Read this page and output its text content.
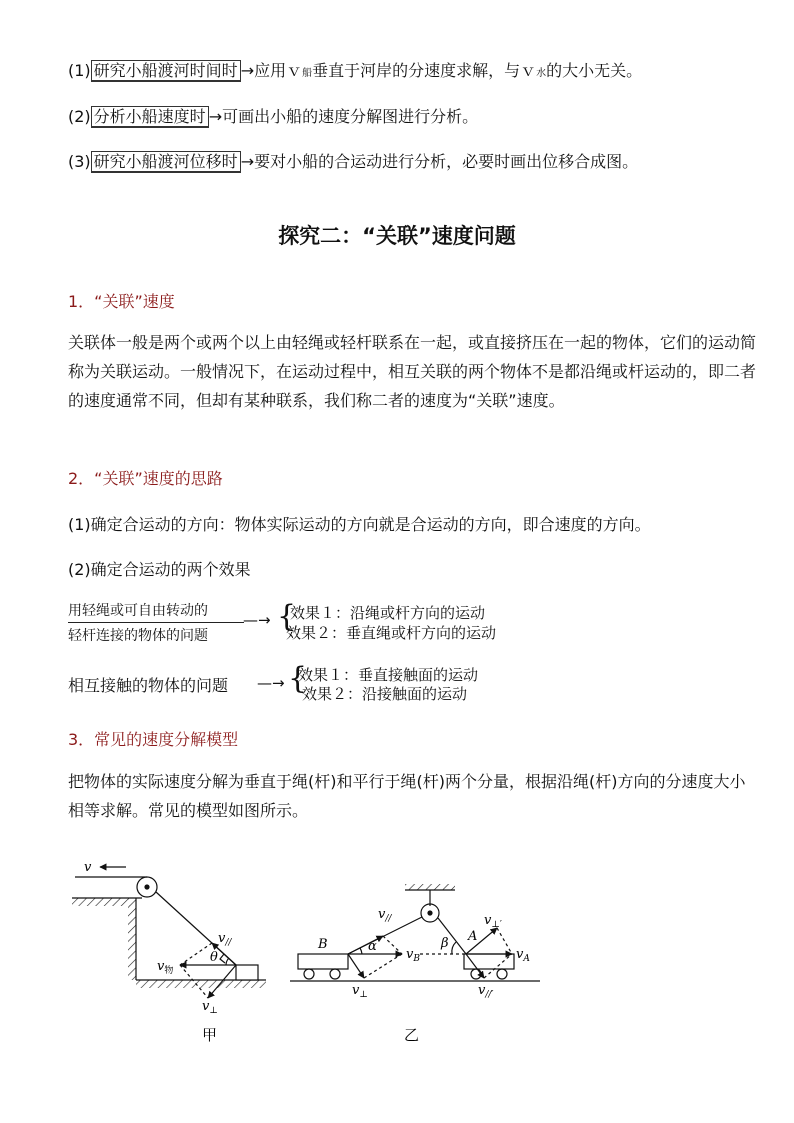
(1) 研究小船渡河时间时 →应用ｖ船垂直于河岸的分速度求解，与ｖ水的大小无关。
(2) 分析小船速度时 →可画出小船的速度分解图进行分析。
(3) 研究小船渡河位移时 →要对小船的合运动进行分析，必要时画出位移合成图。
探究二：“关联”速度问题
1．“关联”速度
关联体一般是两个或两个以上由轻绳或轻杆联系在一起，或直接挤压在一起的物体，它们的运动简称为关联运动。一般情况下，在运动过程中，相互关联的两个物体不是都沿绳或杆运动的，即二者的速度通常不同，但却有某种联系，我们称二者的速度为“关联”速度。
2．“关联”速度的思路
(1)确定合运动的方向：物体实际运动的方向就是合运动的方向，即合速度的方向。
(2)确定合运动的两个效果
用轻绳或可自由转动的
轻杆连接的物体的问题
—→ {
效果１：沿绳或杆方向的运动
效果２：垂直绳或杆方向的运动
相互接触的物体的问题 —→ {
效果１：垂直接触面的运动
效果２：沿接触面的运动
3．常见的速度分解模型
把物体的实际速度分解为垂直于绳(杆)和平行于绳(杆)两个分量，根据沿绳(杆)方向的分速度大小相等求解。常见的模型如图所示。
v
$v_{//}$
$v_物$
θ
$v_\perp$
甲
B
A
α	β
$v_{//}$
$v_B$
$v_\perp$
$v_{\perp'}$
$v_A$
$v_{//'}$
乙
